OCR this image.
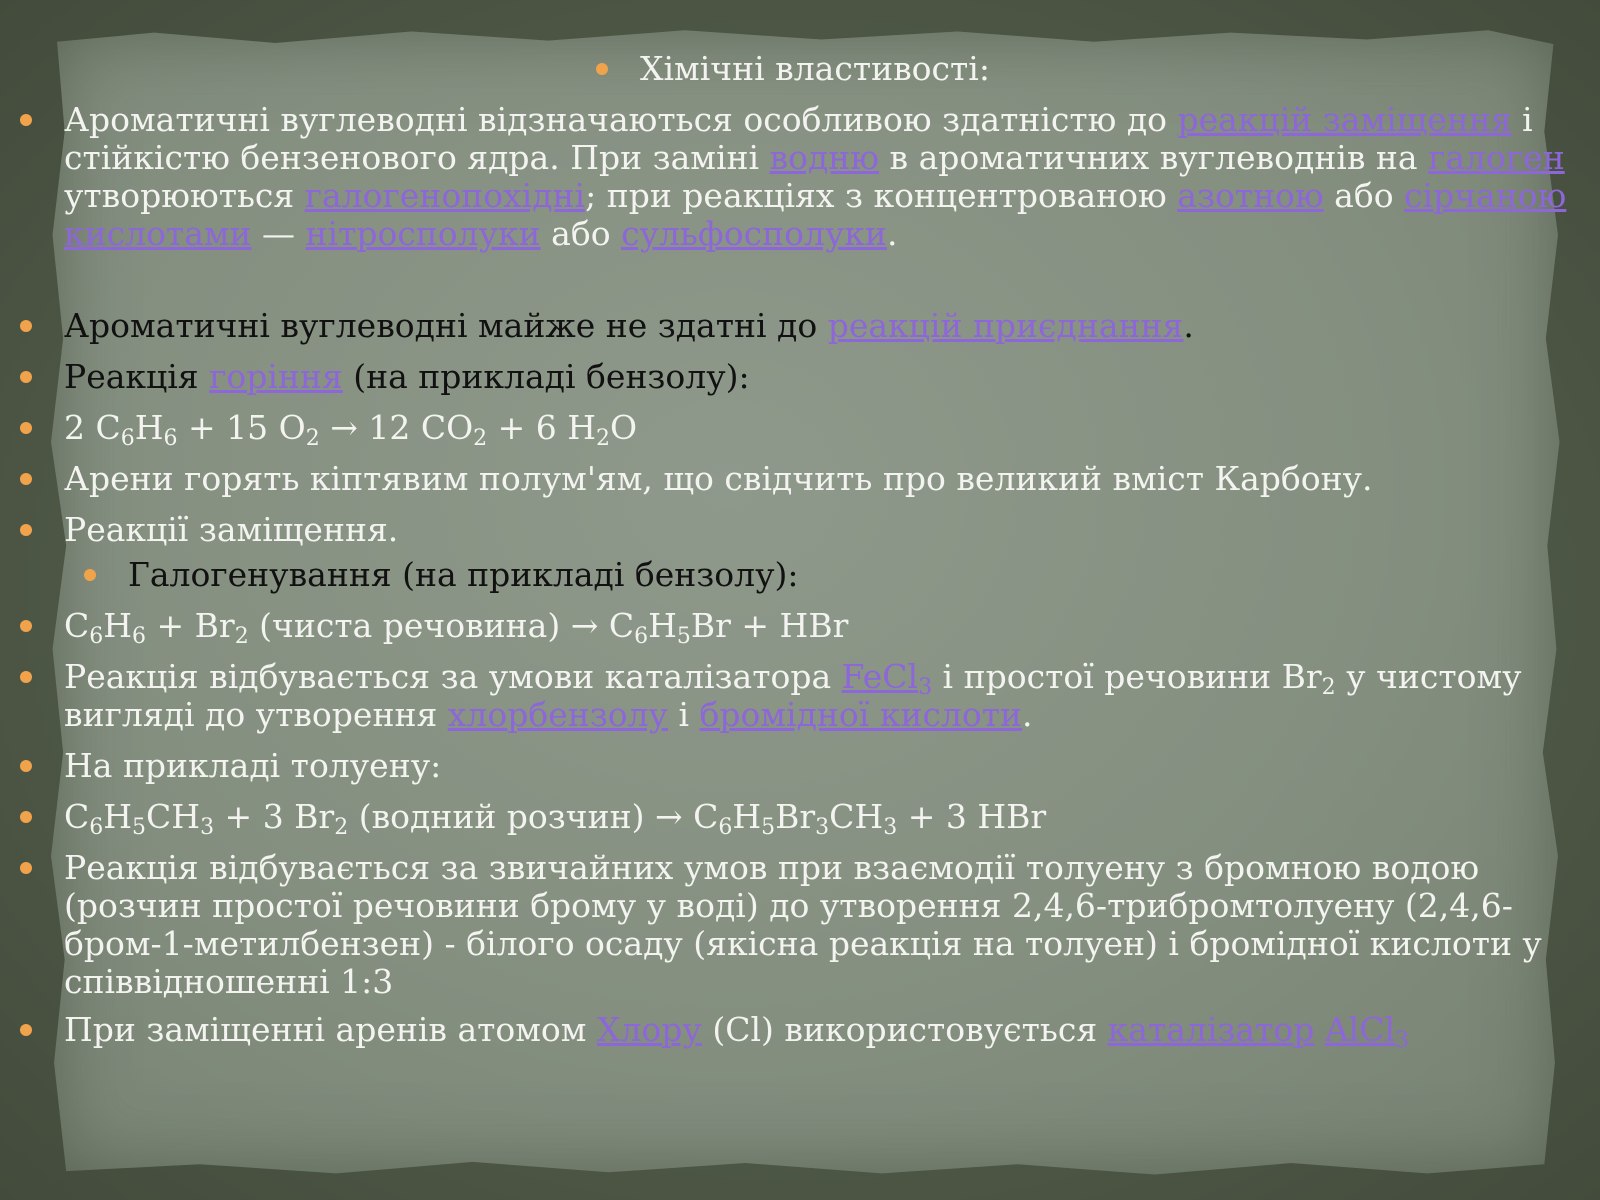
Хімічні властивості:

Ароматичні вуглеводні відзначаються особливою здатністю до реакцій заміщення і стійкістю бензенового ядра. При заміні водню в ароматичних вуглеводнів на галоген утворюються галогенопохідні; при реакціях з концентрованою азотною або сірчаною кислотами — нітросполуки або сульфосполуки.

Ароматичні вуглеводні майже не здатні до реакцій приєднання.

Реакція горіння (на прикладі бензолу):

2 $C_6H_6 + 15$ $O_2 \to 12$ $CO_2 + 6$ $H_2O$

Арени горять кіптявим полум'ям, що свідчить про великий вміст Карбону.

Реакції заміщення.

Галогенування (на прикладі бензолу):

$C_6H_6 + Br_2$ (чиста речовина) → $C_6H_5Br$ + HBr

Реакція відбувається за умови каталізатора FeCl$_3$ і простої речовини $Br_2$ у чистому вигляді до утворення хлорбензолу і бромідної кислоти.

На прикладі толуену:

$C_6H_5CH_3 + 3$ $Br_2$ (водний розчин) → $C_6H_5Br_3CH_3 + 3$ HBr

Реакція відбувається за звичайних умов при взаємодії толуену з бромною водою (розчин простої речовини брому у воді) до утворення 2,4,6-трибромтолуену (2,4,6-бром-1-метилбензен) - білого осаду (якісна реакція на толуен) і бромідної кислоти у співвідношенні 1:3

При заміщенні аренів атомом Хлору (Cl) використовується каталізатор AlCl$_3$
